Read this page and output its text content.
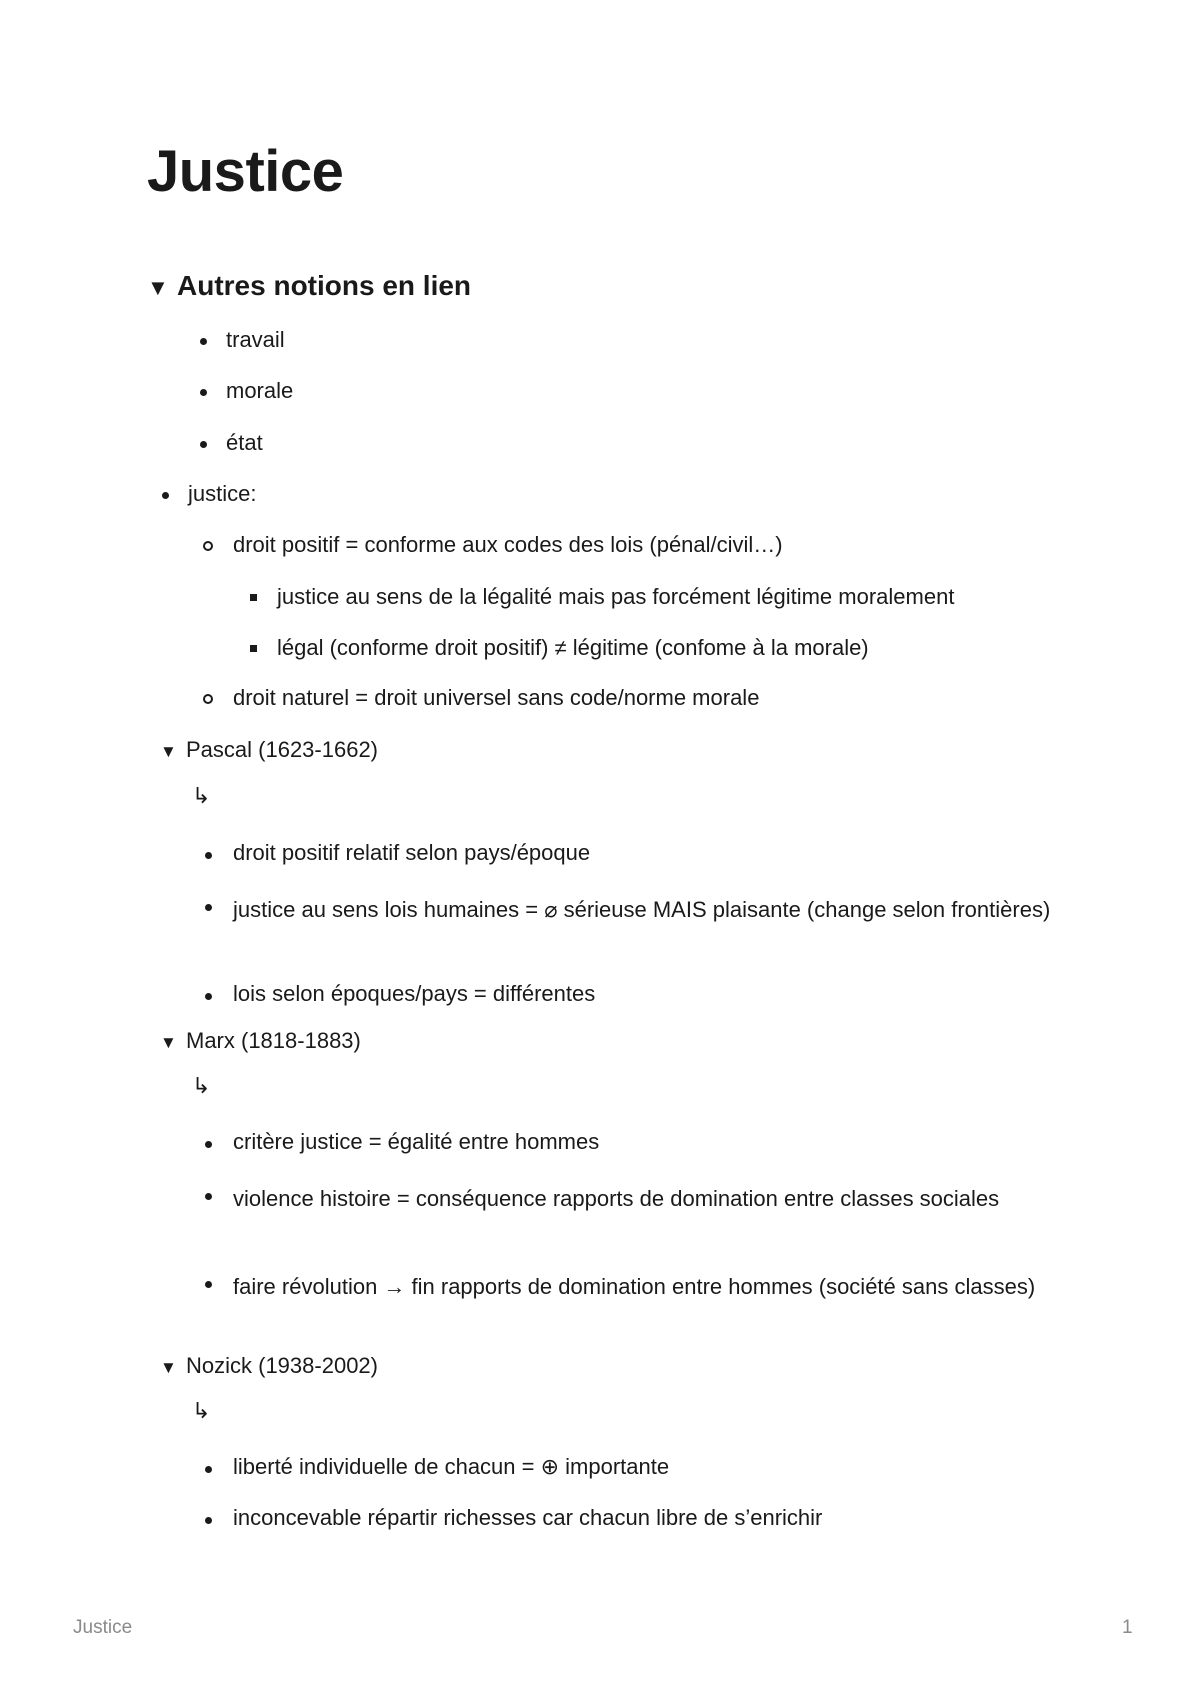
Justice
▼ Autres notions en lien
travail
morale
état
justice:
droit positif = conforme aux codes des lois (pénal/civil…)
justice au sens de la légalité mais pas forcément légitime moralement
légal (conforme droit positif) ≠ légitime (confome à la morale)
droit naturel = droit universel sans code/norme morale
▼ Pascal (1623-1662)
↳
droit positif relatif selon pays/époque
justice au sens lois humaines = ⌀ sérieuse MAIS plaisante (change selon frontières)
lois selon époques/pays = différentes
▼ Marx (1818-1883)
↳
critère justice = égalité entre hommes
violence histoire = conséquence rapports de domination entre classes sociales
faire révolution → fin rapports de domination entre hommes (société sans classes)
▼ Nozick (1938-2002)
↳
liberté individuelle de chacun = ⊕ importante
inconcevable répartir richesses car chacun libre de s’enrichir
Justice	1
